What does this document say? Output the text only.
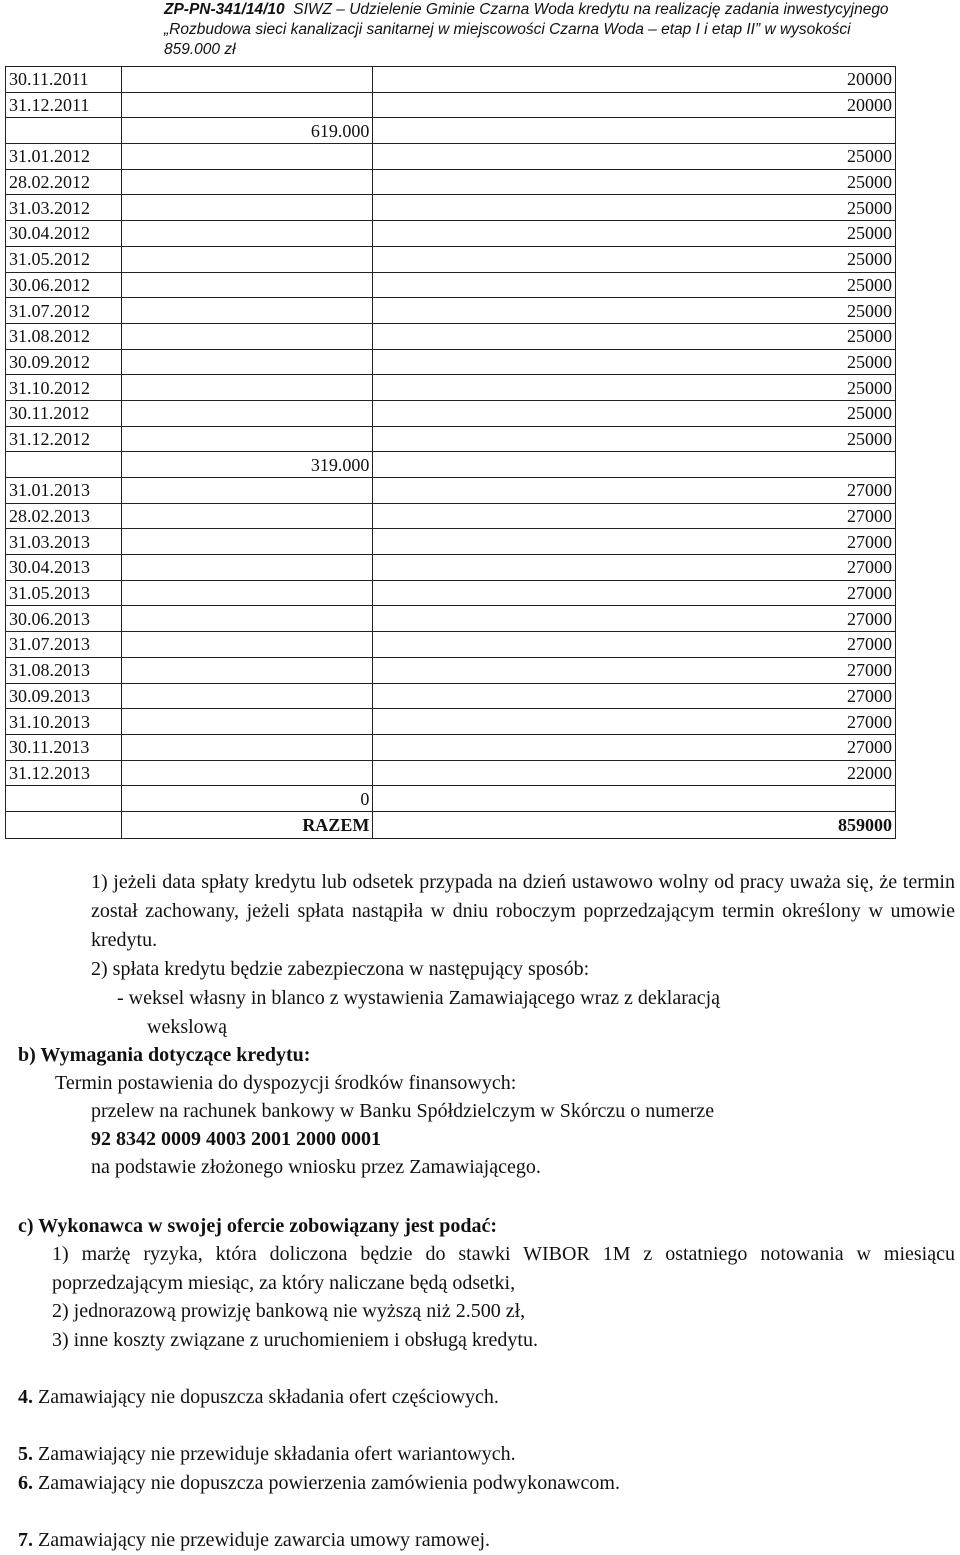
ZP-PN-341/14/10 SIWZ – Udzielenie Gminie Czarna Woda kredytu na realizację zadania inwestycyjnego
„Rozbudowa sieci kanalizacji sanitarnej w miejscowości Czarna Woda – etap I i etap II” w wysokości
859.000 zł
30.11.2011		20000
31.12.2011		20000
	619.000	
31.01.2012		25000
28.02.2012		25000
31.03.2012		25000
30.04.2012		25000
31.05.2012		25000
30.06.2012		25000
31.07.2012		25000
31.08.2012		25000
30.09.2012		25000
31.10.2012		25000
30.11.2012		25000
31.12.2012		25000
	319.000	
31.01.2013		27000
28.02.2013		27000
31.03.2013		27000
30.04.2013		27000
31.05.2013		27000
30.06.2013		27000
31.07.2013		27000
31.08.2013		27000
30.09.2013		27000
31.10.2013		27000
30.11.2013		27000
31.12.2013		22000
	0	
	RAZEM	859000
1) jeżeli data spłaty kredytu lub odsetek przypada na dzień ustawowo wolny od pracy uważa się, że termin został zachowany, jeżeli spłata nastąpiła w dniu roboczym poprzedzającym termin określony w umowie kredytu.
2) spłata kredytu będzie zabezpieczona w następujący sposób:
- weksel własny in blanco z wystawienia Zamawiającego wraz z deklaracją
wekslową
b) Wymagania dotyczące kredytu:
Termin postawienia do dyspozycji środków finansowych:
przelew na rachunek bankowy w Banku Spółdzielczym w Skórczu o numerze
92 8342 0009 4003 2001 2000 0001
na podstawie złożonego wniosku przez Zamawiającego.
c) Wykonawca w swojej ofercie zobowiązany jest podać:
1) marżę ryzyka, która doliczona będzie do stawki WIBOR 1M z ostatniego notowania w miesiącu poprzedzającym miesiąc, za który naliczane będą odsetki,
2) jednorazową prowizję bankową nie wyższą niż 2.500 zł,
3) inne koszty związane z uruchomieniem i obsługą kredytu.
4. Zamawiający nie dopuszcza składania ofert częściowych.
5. Zamawiający nie przewiduje składania ofert wariantowych.
6. Zamawiający nie dopuszcza powierzenia zamówienia podwykonawcom.
7. Zamawiający nie przewiduje zawarcia umowy ramowej.
